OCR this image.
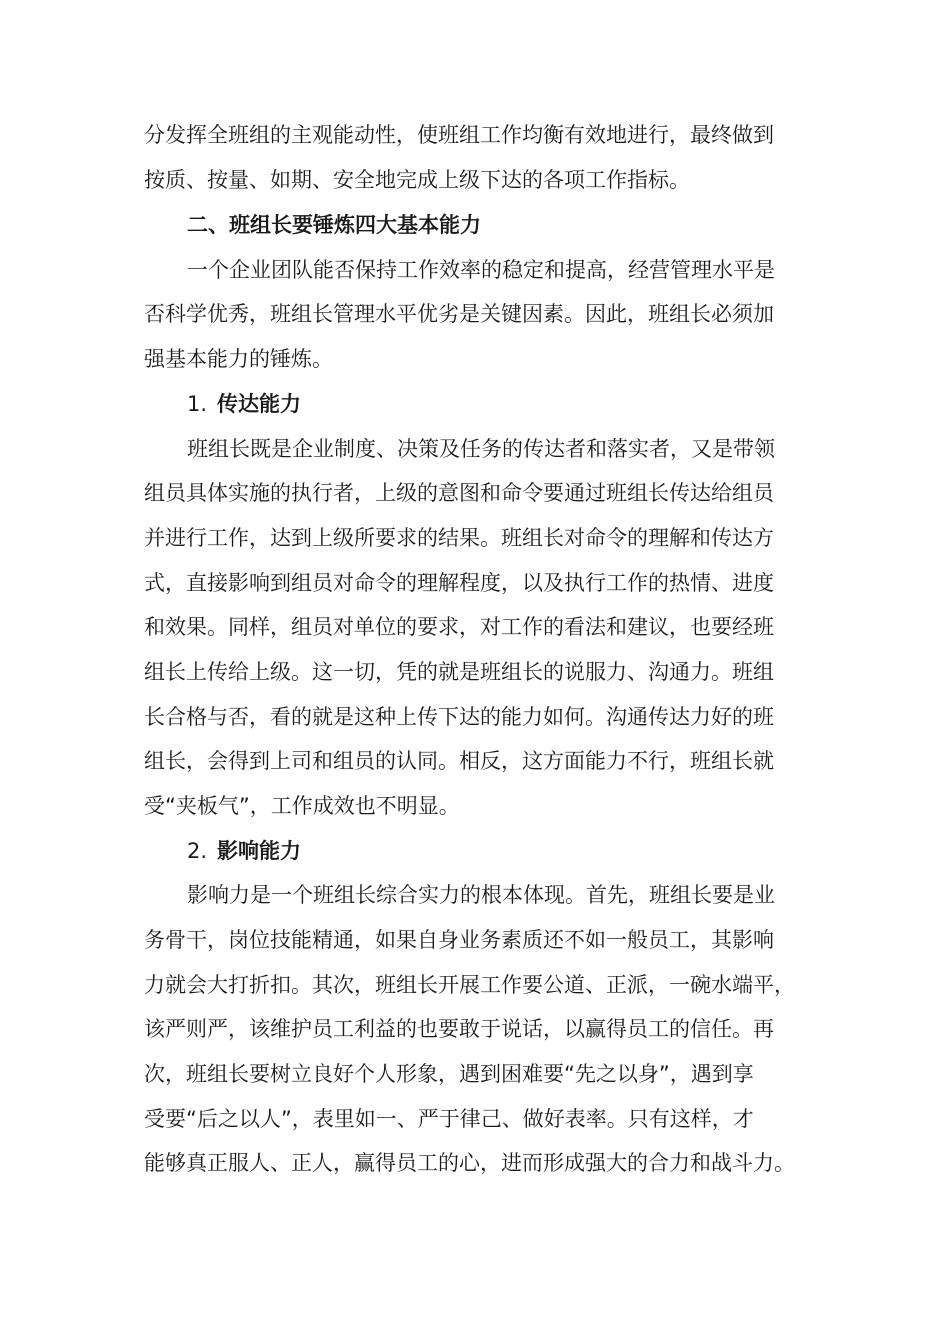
分发挥全班组的主观能动性，使班组工作均衡有效地进行，最终做到
按质、按量、如期、安全地完成上级下达的各项工作指标。
二、班组长要锤炼四大基本能力
一个企业团队能否保持工作效率的稳定和提高，经营管理水平是
否科学优秀，班组长管理水平优劣是关键因素。因此，班组长必须加
强基本能力的锤炼。
1. 传达能力
班组长既是企业制度、决策及任务的传达者和落实者，又是带领
组员具体实施的执行者，上级的意图和命令要通过班组长传达给组员
并进行工作，达到上级所要求的结果。班组长对命令的理解和传达方
式，直接影响到组员对命令的理解程度，以及执行工作的热情、进度
和效果。同样，组员对单位的要求，对工作的看法和建议，也要经班
组长上传给上级。这一切，凭的就是班组长的说服力、沟通力。班组
长合格与否，看的就是这种上传下达的能力如何。沟通传达力好的班
组长，会得到上司和组员的认同。相反，这方面能力不行，班组长就
受“夹板气”，工作成效也不明显。
2. 影响能力
影响力是一个班组长综合实力的根本体现。首先，班组长要是业
务骨干，岗位技能精通，如果自身业务素质还不如一般员工，其影响
力就会大打折扣。其次，班组长开展工作要公道、正派，一碗水端平，
该严则严，该维护员工利益的也要敢于说话，以赢得员工的信任。再
次，班组长要树立良好个人形象，遇到困难要“先之以身”，遇到享
受要“后之以人”，表里如一、严于律己、做好表率。只有这样，才
能够真正服人、正人，赢得员工的心，进而形成强大的合力和战斗力。
